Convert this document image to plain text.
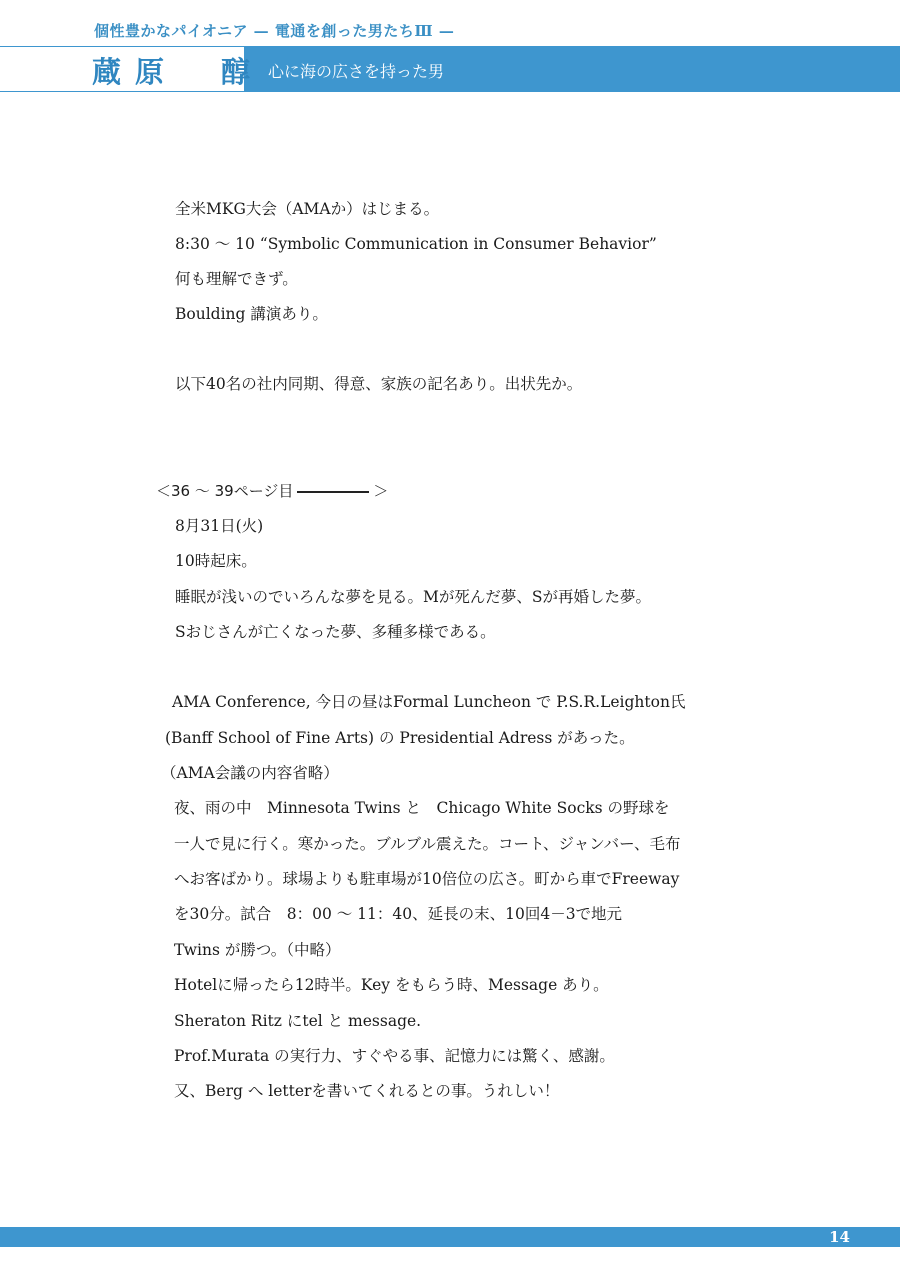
個性豊かなパイオニア — 電通を創った男たちⅢ —
蔵原　醇 心に海の広さを持った男
全米MKG大会（AMAか）はじまる。
8:30 ～ 10 “Symbolic Communication in Consumer Behavior”
何も理解できず。
Boulding 講演あり。
以下40名の社内同期、得意、家族の記名あり。出状先か。
＜36 ～ 39ページ目	＞
8月31日(火)
10時起床。
睡眠が浅いのでいろんな夢を見る。Mが死んだ夢、Sが再婚した夢。
Sおじさんが亡くなった夢、多種多様である。
AMA Conference, 今日の昼はFormal Luncheon で P.S.R.Leighton氏
(Banff School of Fine Arts) の Presidential Adress があった。
（AMA会議の内容省略）
夜、雨の中　Minnesota Twins と　Chicago White Socks の野球を
一人で見に行く。寒かった。ブルブル震えた。コート、ジャンバー、毛布
へお客ばかり。球場よりも駐車場が10倍位の広さ。町から車でFreeway
を30分。試合　8：00 ～ 11：40、延長の末、10回4－3で地元
Twins が勝つ。（中略）
Hotelに帰ったら12時半。Key をもらう時、Message あり。
Sheraton Ritz にtel と message.
Prof.Murata の実行力、すぐやる事、記憶力には驚く、感謝。
又、Berg へ letterを書いてくれるとの事。うれしい！
14
